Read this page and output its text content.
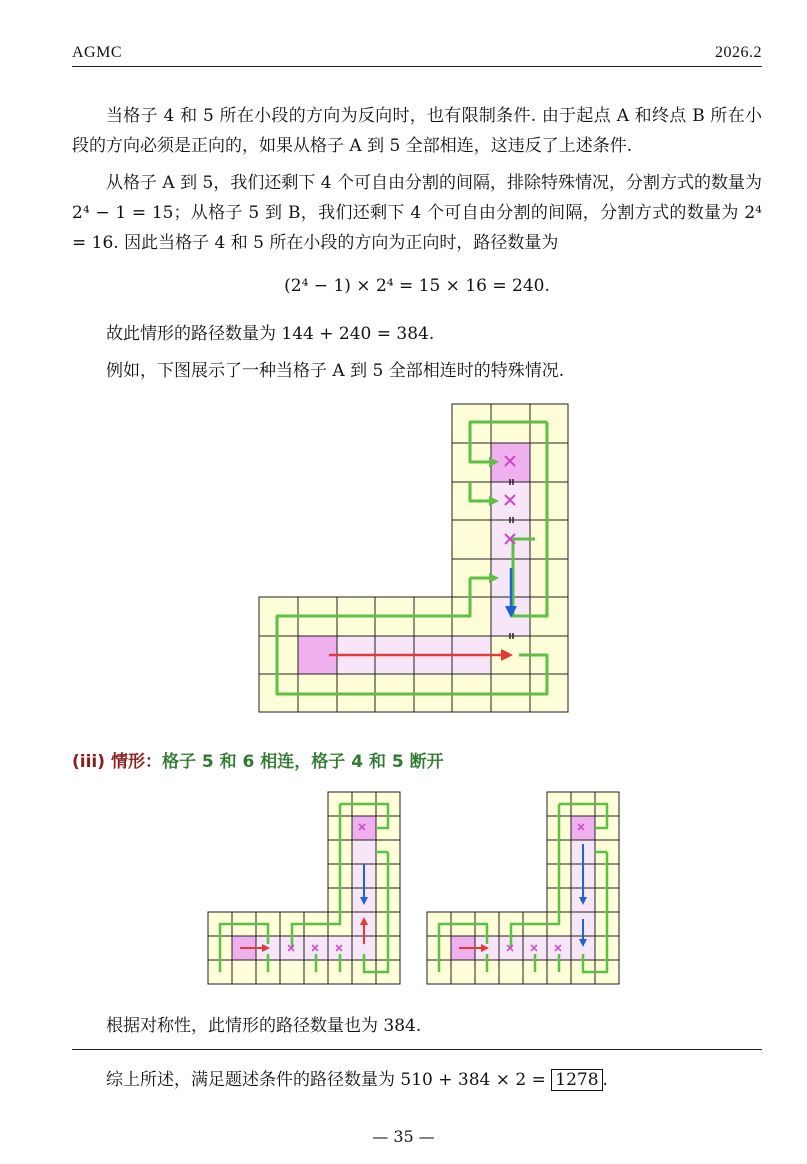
AGMC	2026.2
当格子 4 和 5 所在小段的方向为反向时，也有限制条件. 由于起点 A 和终点 B 所在小段的方向必须是正向的，如果从格子 A 到 5 全部相连，这违反了上述条件.
从格子 A 到 5，我们还剩下 4 个可自由分割的间隔，排除特殊情况，分割方式的数量为 2⁴ − 1 = 15；从格子 5 到 B，我们还剩下 4 个可自由分割的间隔，分割方式的数量为 2⁴ = 16. 因此当格子 4 和 5 所在小段的方向为正向时，路径数量为
(2⁴ − 1) × 2⁴ = 15 × 16 = 240.
故此情形的路径数量为 144 + 240 = 384.
例如，下图展示了一种当格子 A 到 5 全部相连时的特殊情况.
(iii) 情形：格子 5 和 6 相连，格子 4 和 5 断开
根据对称性，此情形的路径数量也为 384.
综上所述，满足题述条件的路径数量为 510 + 384 × 2 = 1278 .
— 35 —
